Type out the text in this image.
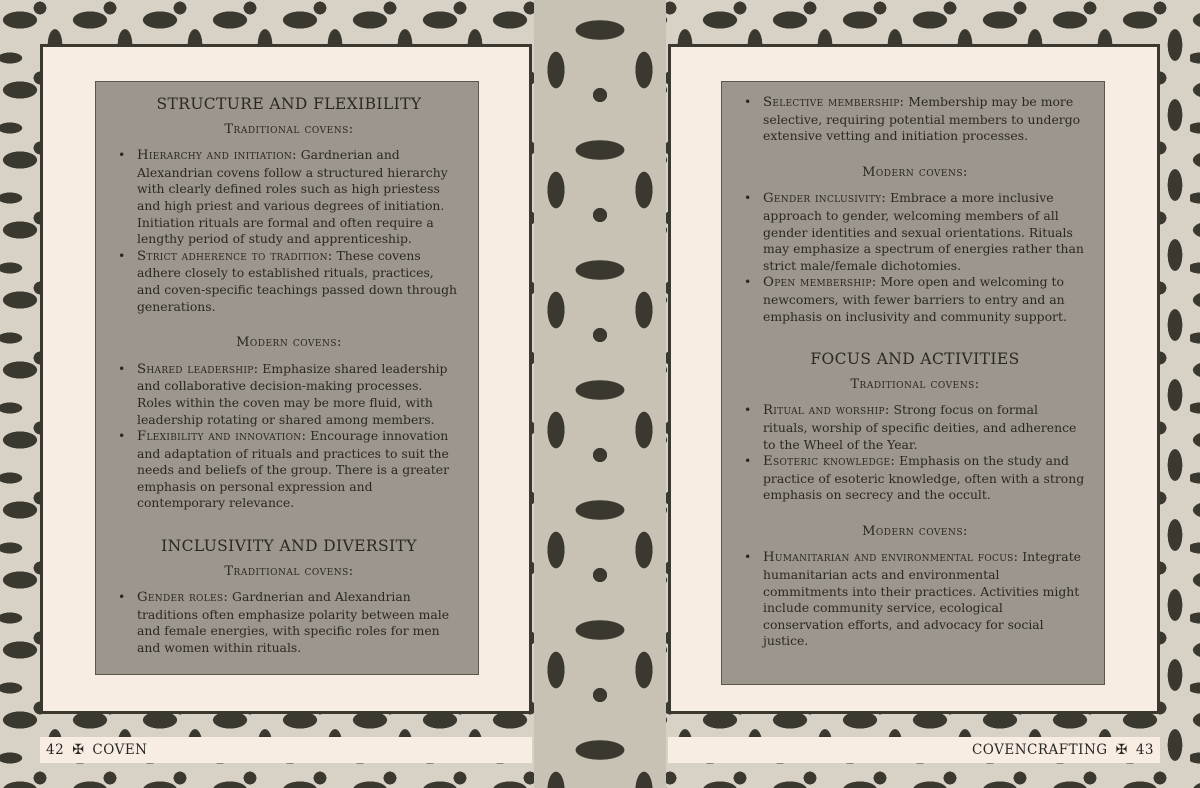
STRUCTURE AND FLEXIBILITY
Traditional covens:
• Hierarchy and initiation: Gardnerian and Alexandrian covens follow a structured hierarchy with clearly defined roles such as high priestess and high priest and various degrees of initiation. Initiation rituals are formal and often require a lengthy period of study and apprenticeship.
• Strict adherence to tradition: These covens adhere closely to established rituals, practices, and coven-specific teachings passed down through generations.
Modern covens:
• Shared leadership: Emphasize shared leadership and collaborative decision-making processes. Roles within the coven may be more fluid, with leadership rotating or shared among members.
• Flexibility and innovation: Encourage innovation and adaptation of rituals and practices to suit the needs and beliefs of the group. There is a greater emphasis on personal expression and contemporary relevance.
INCLUSIVITY AND DIVERSITY
Traditional covens:
• Gender roles: Gardnerian and Alexandrian traditions often emphasize polarity between male and female energies, with specific roles for men and women within rituals.
• Selective membership: Membership may be more selective, requiring potential members to undergo extensive vetting and initiation processes.
Modern covens:
• Gender inclusivity: Embrace a more inclusive approach to gender, welcoming members of all gender identities and sexual orientations. Rituals may emphasize a spectrum of energies rather than strict male/female dichotomies.
• Open membership: More open and welcoming to newcomers, with fewer barriers to entry and an emphasis on inclusivity and community support.
FOCUS AND ACTIVITIES
Traditional covens:
• Ritual and worship: Strong focus on formal rituals, worship of specific deities, and adherence to the Wheel of the Year.
• Esoteric knowledge: Emphasis on the study and practice of esoteric knowledge, often with a strong emphasis on secrecy and the occult.
Modern covens:
• Humanitarian and environmental focus: Integrate humanitarian acts and environmental commitments into their practices. Activities might include community service, ecological conservation efforts, and advocacy for social justice.
42 ✠ COVEN	COVENCRAFTING ✠ 43
